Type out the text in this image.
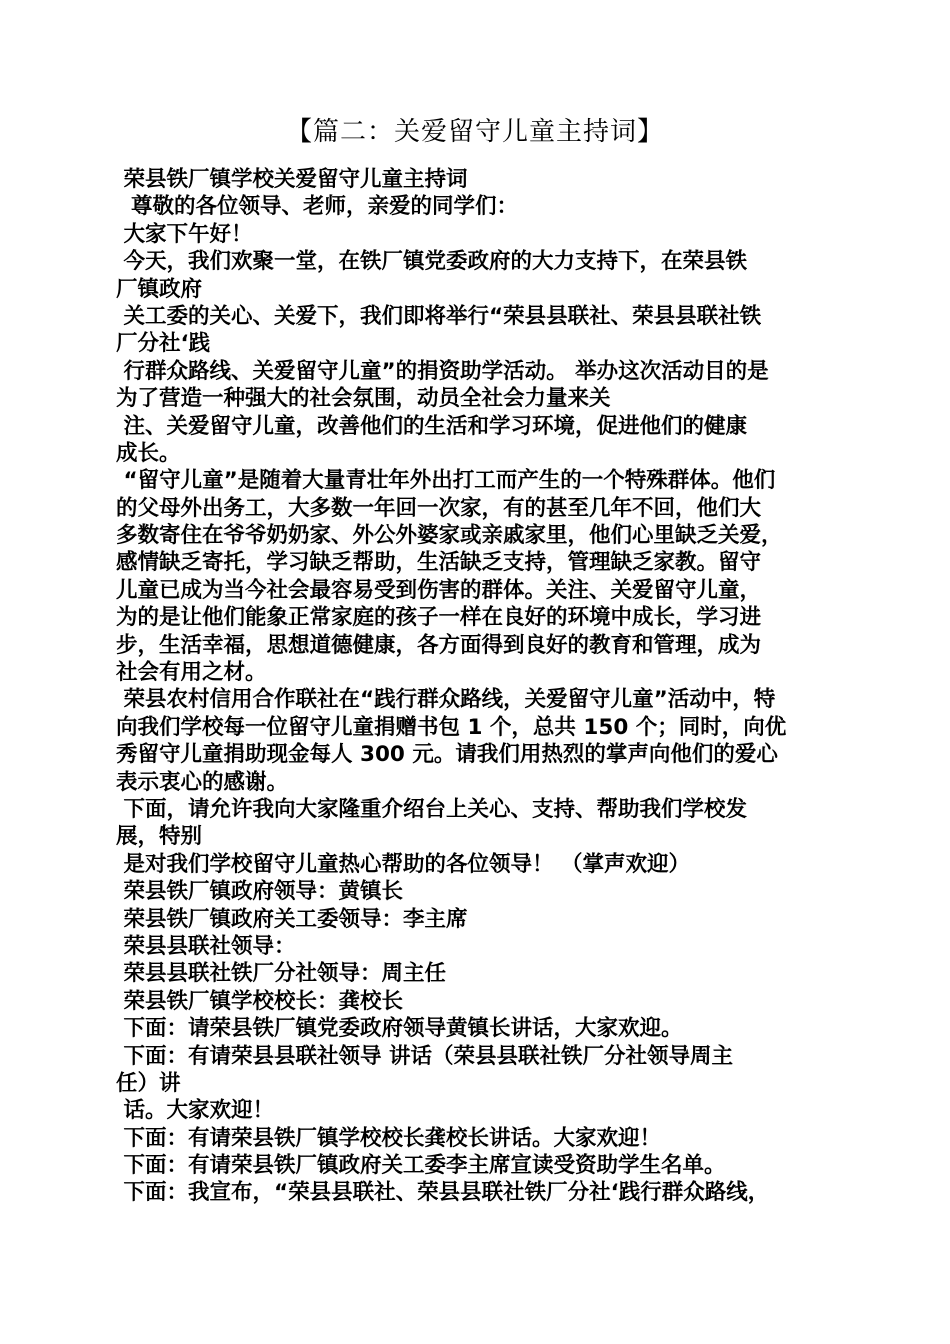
【篇二：关爱留守儿童主持词】
荣县铁厂镇学校关爱留守儿童主持词
尊敬的各位领导、老师，亲爱的同学们：
大家下午好！
今天，我们欢聚一堂，在铁厂镇党委政府的大力支持下，在荣县铁
厂镇政府
关工委的关心、关爱下，我们即将举行“荣县县联社、荣县县联社铁
厂分社‘践
行群众路线、关爱留守儿童”的捐资助学活动。 举办这次活动目的是
为了营造一种强大的社会氛围，动员全社会力量来关
注、关爱留守儿童，改善他们的生活和学习环境，促进他们的健康
成长。
“留守儿童”是随着大量青壮年外出打工而产生的一个特殊群体。他们
的父母外出务工，大多数一年回一次家，有的甚至几年不回，他们大
多数寄住在爷爷奶奶家、外公外婆家或亲戚家里，他们心里缺乏关爱，
感情缺乏寄托，学习缺乏帮助，生活缺乏支持，管理缺乏家教。留守
儿童已成为当今社会最容易受到伤害的群体。关注、关爱留守儿童，
为的是让他们能象正常家庭的孩子一样在良好的环境中成长，学习进
步，生活幸福，思想道德健康，各方面得到良好的教育和管理，成为
社会有用之材。
荣县农村信用合作联社在“践行群众路线，关爱留守儿童”活动中，特
向我们学校每一位留守儿童捐赠书包 1 个，总共 150 个；同时，向优
秀留守儿童捐助现金每人 300 元。请我们用热烈的掌声向他们的爱心
表示衷心的感谢。
下面，请允许我向大家隆重介绍台上关心、支持、帮助我们学校发
展，特别
是对我们学校留守儿童热心帮助的各位领导！ （掌声欢迎）
荣县铁厂镇政府领导：黄镇长
荣县铁厂镇政府关工委领导：李主席
荣县县联社领导：
荣县县联社铁厂分社领导：周主任
荣县铁厂镇学校校长：龚校长
下面：请荣县铁厂镇党委政府领导黄镇长讲话，大家欢迎。
下面：有请荣县县联社领导 讲话（荣县县联社铁厂分社领导周主
任）讲
话。大家欢迎！
下面：有请荣县铁厂镇学校校长龚校长讲话。大家欢迎！
下面：有请荣县铁厂镇政府关工委李主席宣读受资助学生名单。
下面：我宣布，“荣县县联社、荣县县联社铁厂分社‘践行群众路线，
